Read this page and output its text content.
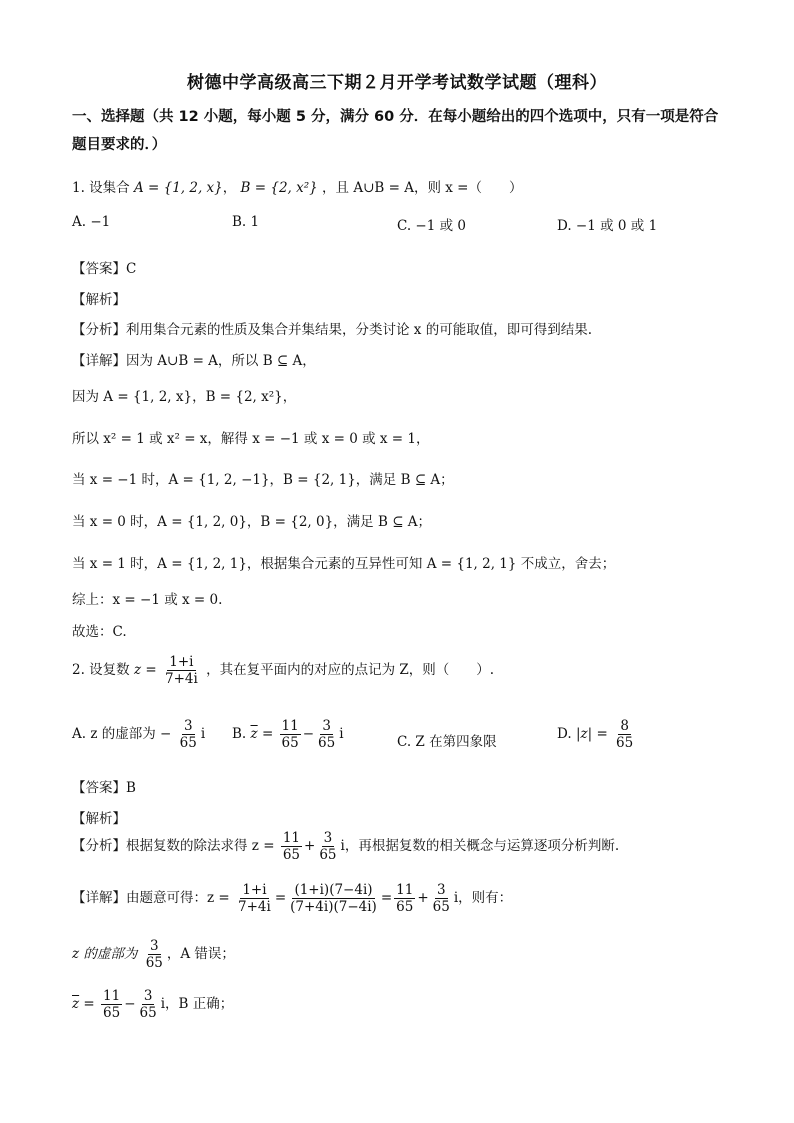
树德中学高级高三下期２月开学考试数学试题（理科）
一、选择题（共 12 小题，每小题 5 分，满分 60 分．在每小题给出的四个选项中，只有一项是符合题目要求的．）
1. 设集合 A = {1, 2, x}， B = {2, x²} ，且 A∪B = A，则 x =（　　）
A. −1	B. 1	C. −1 或 0	D. −1 或 0 或 1
【答案】C
【解析】
【分析】利用集合元素的性质及集合并集结果，分类讨论 x 的可能取值，即可得到结果.
【详解】因为 A∪B = A，所以 B ⊆ A，
因为 A = {1, 2, x}，B = {2, x²}，
所以 x² = 1 或 x² = x，解得 x = −1 或 x = 0 或 x = 1，
当 x = −1 时，A = {1, 2, −1}，B = {2, 1}，满足 B ⊆ A；
当 x = 0 时，A = {1, 2, 0}，B = {2, 0}，满足 B ⊆ A；
当 x = 1 时，A = {1, 2, 1}，根据集合元素的互异性可知 A = {1, 2, 1} 不成立，舍去；
综上：x = −1 或 x = 0.
故选：C.
2. 设复数 $z = \frac{1+i}{7+4i}$ ，其在复平面内的对应的点记为 Z，则（　　）.
A. z 的虚部为 − $\frac{3}{65}$ i B. $\overline{z} = \frac{11}{65} - \frac{3}{65}$ i	C. Z 在第四象限	D. $|z| = \frac{8}{65}$
【答案】B
【解析】
【分析】根据复数的除法求得 $z = \frac{11}{65} + \frac{3}{65}$ i，再根据复数的相关概念与运算逐项分析判断.
【详解】由题意可得：$z = \frac{1+i}{7+4i} = \frac{(1+i)(7-4i)}{(7+4i)(7-4i)} = \frac{11}{65} + \frac{3}{65}$ i，则有：
z 的虚部为 $\frac{3}{65}$ ，A 错误；
$\overline{z} = \frac{11}{65} - \frac{3}{65}$ i，B 正确；
